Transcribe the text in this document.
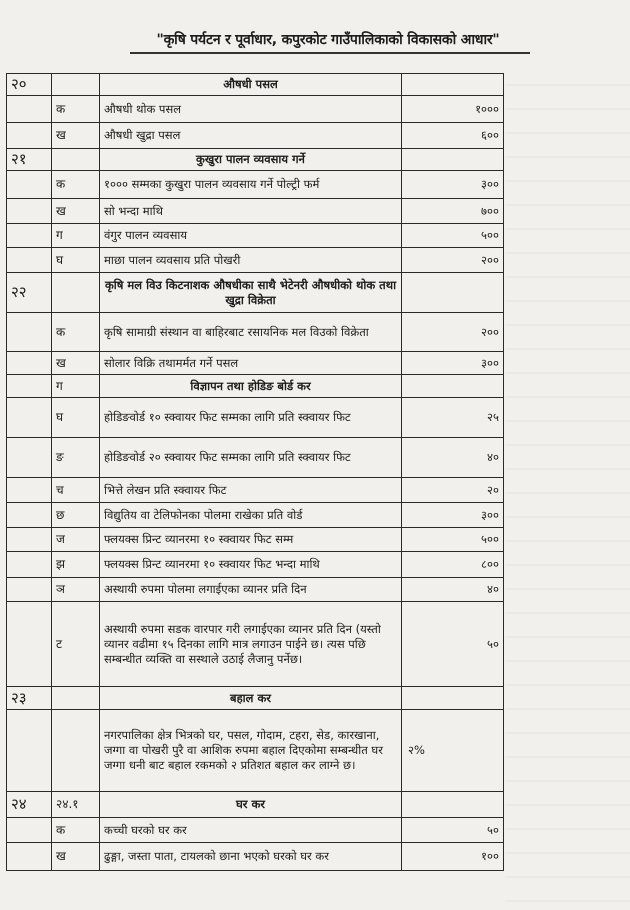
"कृषि पर्यटन र पूर्वाधार, कपुरकोट गाउँपालिकाको विकासको आधार"
२०		औषधी पसल	
	क	औषधी थोक पसल	१०००
	ख	औषधी खुद्रा पसल	६००
२१		कुखुरा पालन व्यवसाय गर्ने	
	क	१००० सम्मका कुखुरा पालन व्यवसाय गर्ने पोल्ट्री फर्म	३००
	ख	सो भन्दा माथि	७००
	ग	वंगुर पालन व्यवसाय	५००
	घ	माछा पालन व्यवसाय प्रति पोखरी	२००
२२		कृषि मल विउ किटनाशक औषधीका साथै भेटेनरी औषधीको थोक तथा खुद्रा विक्रेता	
	क	कृषि सामाग्री संस्थान वा बाहिरबाट रसायनिक मल विउको विक्रेता	२००
	ख	सोलार विक्रि तथामर्मत गर्ने पसल	३००
	ग	विज्ञापन तथा होडिङ बोर्ड कर	
	घ	होडिङवोर्ड १० स्क्वायर फिट सम्मका लागि प्रति स्क्वायर फिट	२५
	ङ	होडिङवोर्ड २० स्क्वायर फिट सम्मका लागि प्रति स्क्वायर फिट	४०
	च	भित्ते लेखन प्रति स्क्वायर फिट	२०
	छ	विद्युतिय वा टेलिफोनका पोलमा राखेका प्रति वोर्ड	३००
	ज	फ्लयक्स प्रिन्ट व्यानरमा १० स्क्वायर फिट सम्म	५००
	झ	फ्लयक्स प्रिन्ट व्यानरमा १० स्क्वायर फिट भन्दा माथि	८००
	ञ	अस्थायी रुपमा पोलमा लगाईएका व्यानर प्रति दिन	४०
	ट	अस्थायी रुपमा सडक वारपार गरी लगाईएका व्यानर प्रति दिन (यस्तो व्यानर वढीमा १५ दिनका लागि मात्र लगाउन पाईने छ। त्यस पछि सम्बन्धीत व्यक्ति वा सस्थाले उठाई लैजानु पर्नेछ।	५०
२३		बहाल कर	
		नगरपालिका क्षेत्र भित्रको घर, पसल, गोदाम, टहरा, सेड, कारखाना, जग्गा वा पोखरी पुरै वा आशिक रुपमा बहाल दिएकोमा सम्बन्धीत घर जग्गा धनी बाट बहाल रकमको २ प्रतिशत बहाल कर लाग्ने छ।	२%
२४	२४.१	घर कर	
	क	कच्ची घरको घर कर	५०
	ख	ढुङ्गा, जस्ता पाता, टायलको छाना भएको घरको घर कर	१००
